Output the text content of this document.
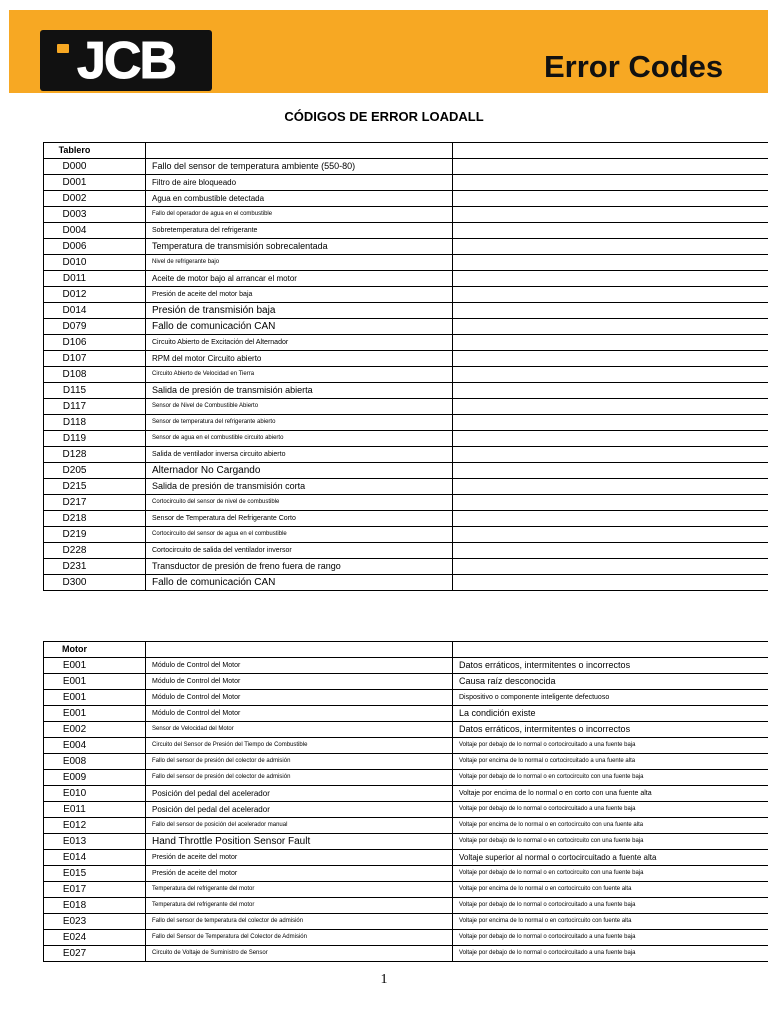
JCB	Error Codes
CÓDIGOS DE ERROR LOADALL
Tablero		
D000	Fallo del sensor de temperatura ambiente (550-80)	
D001	Filtro de aire bloqueado	
D002	Agua en combustible detectada	
D003	Fallo del operador de agua en el combustible	
D004	Sobretemperatura del refrigerante	
D006	Temperatura de transmisión sobrecalentada	
D010	Nivel de refrigerante bajo	
D011	Aceite de motor bajo al arrancar el motor	
D012	Presión de aceite del motor baja	
D014	Presión de transmisión baja	
D079	Fallo de comunicación CAN	
D106	Circuito Abierto de Excitación del Alternador	
D107	RPM del motor Circuito abierto	
D108	Circuito Abierto de Velocidad en Tierra	
D115	Salida de presión de transmisión abierta	
D117	Sensor de Nivel de Combustible Abierto	
D118	Sensor de temperatura del refrigerante abierto	
D119	Sensor de agua en el combustible circuito abierto	
D128	Salida de ventilador inversa circuito abierto	
D205	Alternador No Cargando	
D215	Salida de presión de transmisión corta	
D217	Cortocircuito del sensor de nivel de combustible	
D218	Sensor de Temperatura del Refrigerante Corto	
D219	Cortocircuito del sensor de agua en el combustible	
D228	Cortocircuito de salida del ventilador inversor	
D231	Transductor de presión de freno fuera de rango	
D300	Fallo de comunicación CAN	
Motor		
E001	Módulo de Control del Motor	Datos erráticos, intermitentes o incorrectos
E001	Módulo de Control del Motor	Causa raíz desconocida
E001	Módulo de Control del Motor	Dispositivo o componente inteligente defectuoso
E001	Módulo de Control del Motor	La condición existe
E002	Sensor de Velocidad del Motor	Datos erráticos, intermitentes o incorrectos
E004	Circuito del Sensor de Presión del Tiempo de Combustible	Voltaje por debajo de lo normal o cortocircuitado a una fuente baja
E008	Fallo del sensor de presión del colector de admisión	Voltaje por encima de lo normal o cortocircuitado a una fuente alta
E009	Fallo del sensor de presión del colector de admisión	Voltaje por debajo de lo normal o en cortocircuito con una fuente baja
E010	Posición del pedal del acelerador	Voltaje por encima de lo normal o en corto con una fuente alta
E011	Posición del pedal del acelerador	Voltaje por debajo de lo normal o cortocircuitado a una fuente baja
E012	Fallo del sensor de posición del acelerador manual	Voltaje por encima de lo normal o en cortocircuito con una fuente alta
E013	Hand Throttle Position Sensor Fault	Voltaje por debajo de lo normal o en cortocircuito con una fuente baja
E014	Presión de aceite del motor	Voltaje superior al normal o cortocircuitado a fuente alta
E015	Presión de aceite del motor	Voltaje por debajo de lo normal o en cortocircuito con una fuente baja
E017	Temperatura del refrigerante del motor	Voltaje por encima de lo normal o en cortocircuito con fuente alta
E018	Temperatura del refrigerante del motor	Voltaje por debajo de lo normal o cortocircuitado a una fuente baja
E023	Fallo del sensor de temperatura del colector de admisión	Voltaje por encima de lo normal o en cortocircuito con fuente alta
E024	Fallo del Sensor de Temperatura del Colector de Admisión	Voltaje por debajo de lo normal o cortocircuitado a una fuente baja
E027	Circuito de Voltaje de Suministro de Sensor	Voltaje por debajo de lo normal o cortocircuitado a una fuente baja
1
